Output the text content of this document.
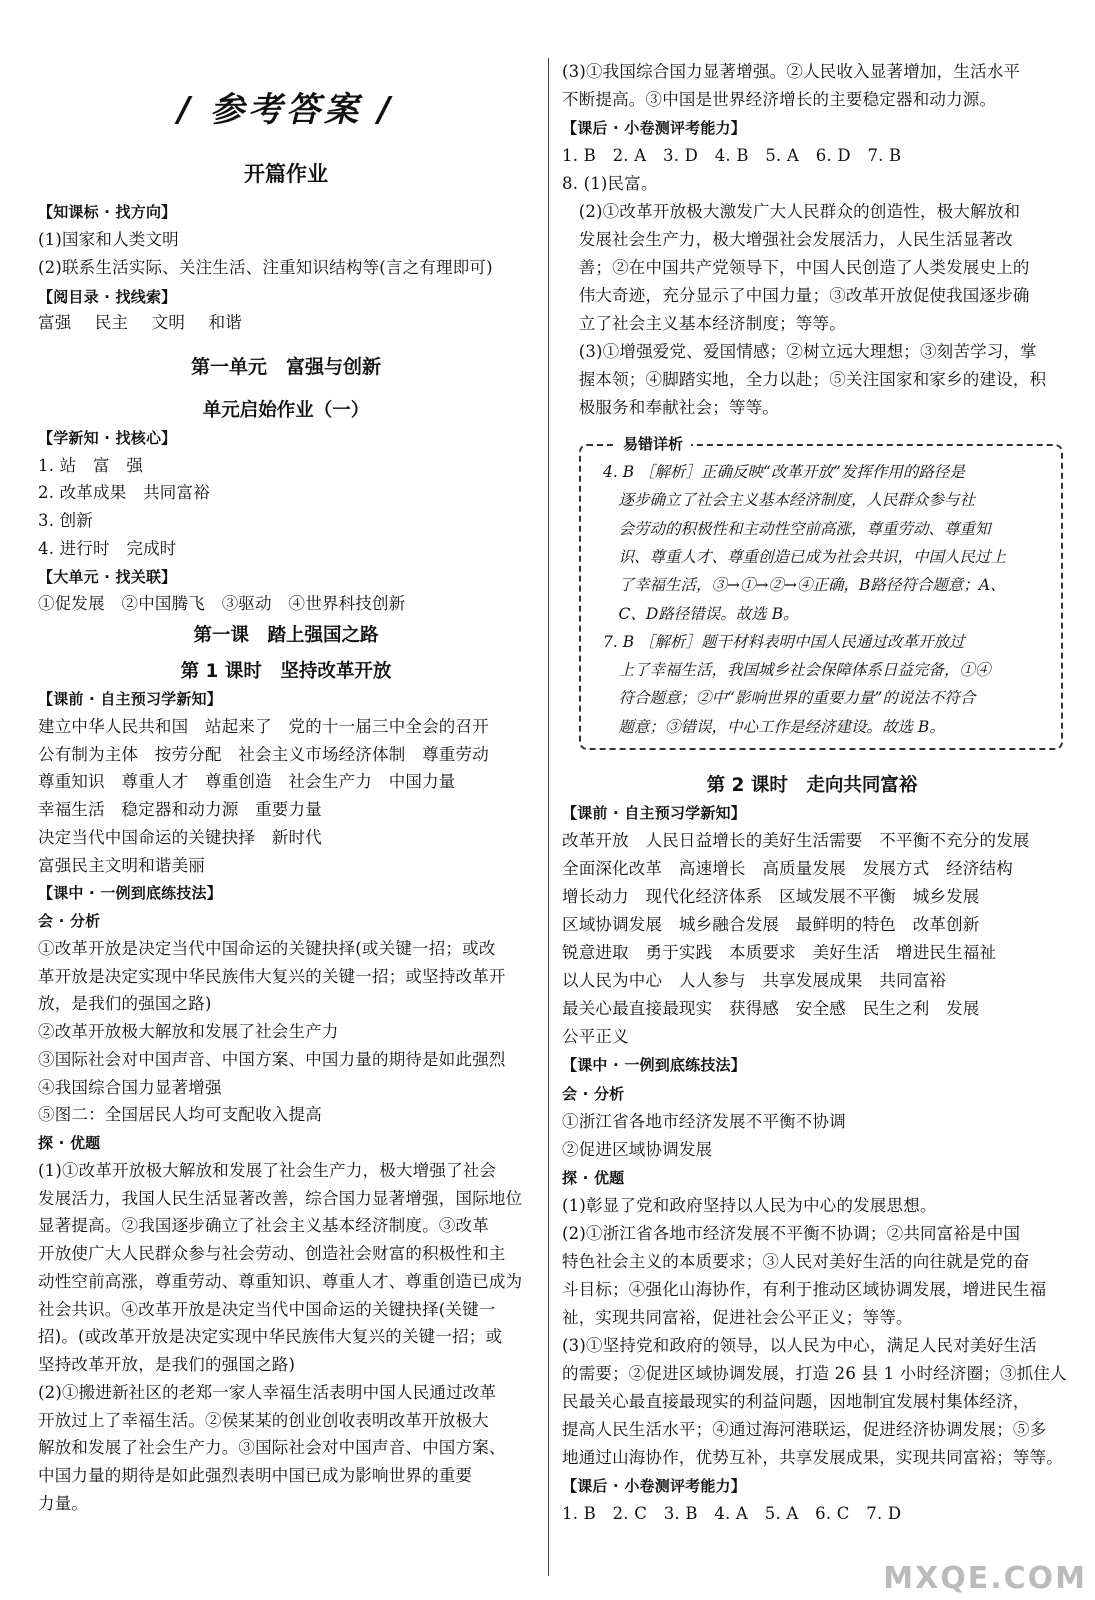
/ 参考答案 /
开篇作业
【知课标 · 找方向】
(1)国家和人类文明
(2)联系生活实际、关注生活、注重知识结构等(言之有理即可)
【阅目录 · 找线索】
富强 民主 文明 和谐
第一单元　富强与创新
单元启始作业（一）
【学新知 · 找核心】
1. 站　富　强
2. 改革成果　共同富裕
3. 创新
4. 进行时　完成时
【大单元 · 找关联】
①促发展　②中国腾飞　③驱动　④世界科技创新
第一课　踏上强国之路
第 1 课时　坚持改革开放
【课前 · 自主预习学新知】
建立中华人民共和国　站起来了　党的十一届三中全会的召开
公有制为主体　按劳分配　社会主义市场经济体制　尊重劳动
尊重知识　尊重人才　尊重创造　社会生产力　中国力量
幸福生活　稳定器和动力源　重要力量
决定当代中国命运的关键抉择　新时代
富强民主文明和谐美丽
【课中 · 一例到底练技法】
会 · 分析
①改革开放是决定当代中国命运的关键抉择(或关键一招；或改
革开放是决定实现中华民族伟大复兴的关键一招；或坚持改革开
放，是我们的强国之路)
②改革开放极大解放和发展了社会生产力
③国际社会对中国声音、中国方案、中国力量的期待是如此强烈
④我国综合国力显著增强
⑤图二：全国居民人均可支配收入提高
探 · 优题
(1)①改革开放极大解放和发展了社会生产力，极大增强了社会
发展活力，我国人民生活显著改善，综合国力显著增强，国际地位
显著提高。②我国逐步确立了社会主义基本经济制度。③改革
开放使广大人民群众参与社会劳动、创造社会财富的积极性和主
动性空前高涨，尊重劳动、尊重知识、尊重人才、尊重创造已成为
社会共识。④改革开放是决定当代中国命运的关键抉择(关键一
招)。(或改革开放是决定实现中华民族伟大复兴的关键一招；或
坚持改革开放，是我们的强国之路)
(2)①搬进新社区的老郑一家人幸福生活表明中国人民通过改革
开放过上了幸福生活。②侯某某的创业创收表明改革开放极大
解放和发展了社会生产力。③国际社会对中国声音、中国方案、
中国力量的期待是如此强烈表明中国已成为影响世界的重要
力量。
(3)①我国综合国力显著增强。②人民收入显著增加，生活水平
不断提高。③中国是世界经济增长的主要稳定器和动力源。
【课后 · 小卷测评考能力】
1. B　2. A　3. D　4. B　5. A　6. D　7. B
8. (1)民富。
　(2)①改革开放极大激发广大人民群众的创造性，极大解放和
　发展社会生产力，极大增强社会发展活力，人民生活显著改
　善；②在中国共产党领导下，中国人民创造了人类发展史上的
　伟大奇迹，充分显示了中国力量；③改革开放促使我国逐步确
　立了社会主义基本经济制度；等等。
　(3)①增强爱党、爱国情感；②树立远大理想；③刻苦学习，掌
　握本领；④脚踏实地，全力以赴；⑤关注国家和家乡的建设，积
　极服务和奉献社会；等等。
易错详析
4. B ［解析］正确反映“改革开放”发挥作用的路径是
　逐步确立了社会主义基本经济制度，人民群众参与社
　会劳动的积极性和主动性空前高涨，尊重劳动、尊重知
　识、尊重人才、尊重创造已成为社会共识，中国人民过上
　了幸福生活，③→①→②→④正确，B路径符合题意；A、
　C、D路径错误。故选 B。
7. B ［解析］题干材料表明中国人民通过改革开放过
　上了幸福生活，我国城乡社会保障体系日益完备，①④
　符合题意；②中“影响世界的重要力量”的说法不符合
　题意；③错误，中心工作是经济建设。故选 B。
第 2 课时　走向共同富裕
【课前 · 自主预习学新知】
改革开放　人民日益增长的美好生活需要　不平衡不充分的发展
全面深化改革　高速增长　高质量发展　发展方式　经济结构
增长动力　现代化经济体系　区域发展不平衡　城乡发展
区域协调发展　城乡融合发展　最鲜明的特色　改革创新
锐意进取　勇于实践　本质要求　美好生活　增进民生福祉
以人民为中心　人人参与　共享发展成果　共同富裕
最关心最直接最现实　获得感　安全感　民生之利　发展
公平正义
【课中 · 一例到底练技法】
会 · 分析
①浙江省各地市经济发展不平衡不协调
②促进区域协调发展
探 · 优题
(1)彰显了党和政府坚持以人民为中心的发展思想。
(2)①浙江省各地市经济发展不平衡不协调；②共同富裕是中国
特色社会主义的本质要求；③人民对美好生活的向往就是党的奋
斗目标；④强化山海协作，有利于推动区域协调发展，增进民生福
祉，实现共同富裕，促进社会公平正义；等等。
(3)①坚持党和政府的领导，以人民为中心，满足人民对美好生活
的需要；②促进区域协调发展，打造 26 县 1 小时经济圈；③抓住人
民最关心最直接最现实的利益问题，因地制宜发展村集体经济，
提高人民生活水平；④通过海河港联运，促进经济协调发展；⑤多
地通过山海协作，优势互补，共享发展成果，实现共同富裕；等等。
【课后 · 小卷测评考能力】
1. B　2. C　3. B　4. A　5. A　6. C　7. D
MXQE.COM
